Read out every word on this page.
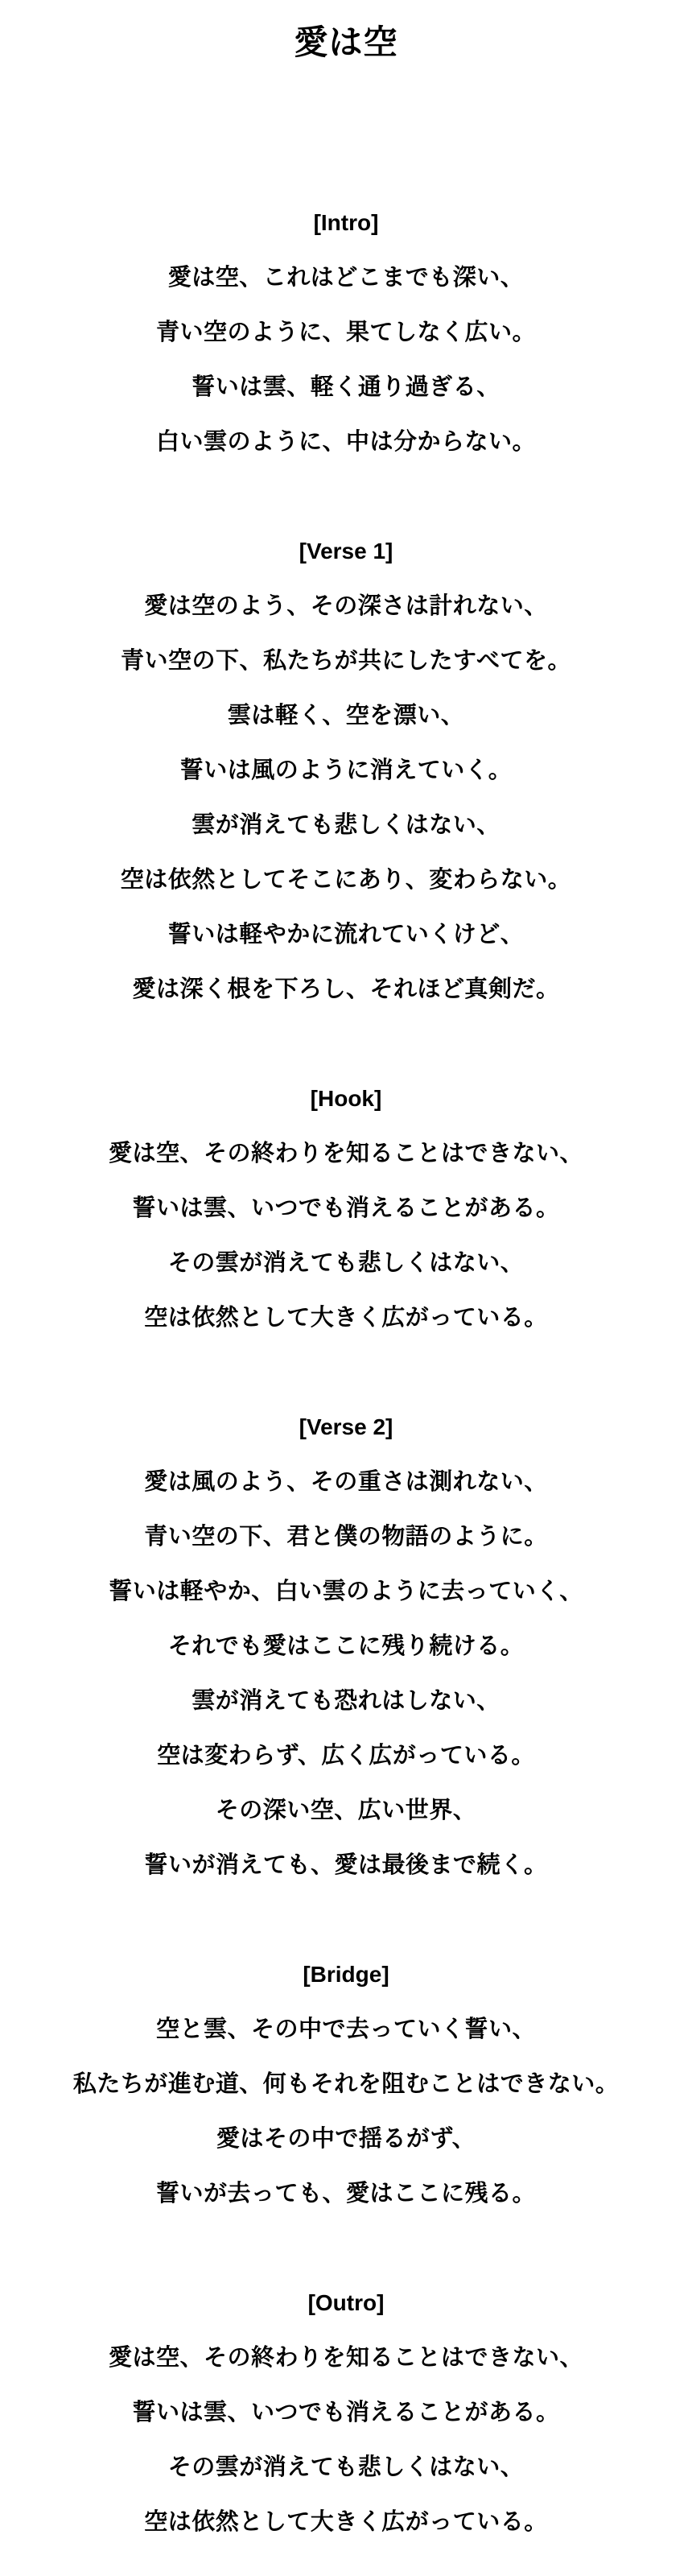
愛は空
[Intro]

愛は空、これはどこまでも深い、

青い空のように、果てしなく広い。

誓いは雲、軽く通り過ぎる、

白い雲のように、中は分からない。

[Verse 1]

愛は空のよう、その深さは計れない、

青い空の下、私たちが共にしたすべてを。

雲は軽く、空を漂い、

誓いは風のように消えていく。

雲が消えても悲しくはない、

空は依然としてそこにあり、変わらない。

誓いは軽やかに流れていくけど、

愛は深く根を下ろし、それほど真剣だ。

[Hook]

愛は空、その終わりを知ることはできない、

誓いは雲、いつでも消えることがある。

その雲が消えても悲しくはない、

空は依然として大きく広がっている。

[Verse 2]

愛は風のよう、その重さは測れない、

青い空の下、君と僕の物語のように。

誓いは軽やか、白い雲のように去っていく、

それでも愛はここに残り続ける。

雲が消えても恐れはしない、

空は変わらず、広く広がっている。

その深い空、広い世界、

誓いが消えても、愛は最後まで続く。

[Bridge]

空と雲、その中で去っていく誓い、

私たちが進む道、何もそれを阻むことはできない。

愛はその中で揺るがず、

誓いが去っても、愛はここに残る。

[Outro]

愛は空、その終わりを知ることはできない、

誓いは雲、いつでも消えることがある。

その雲が消えても悲しくはない、

空は依然として大きく広がっている。
